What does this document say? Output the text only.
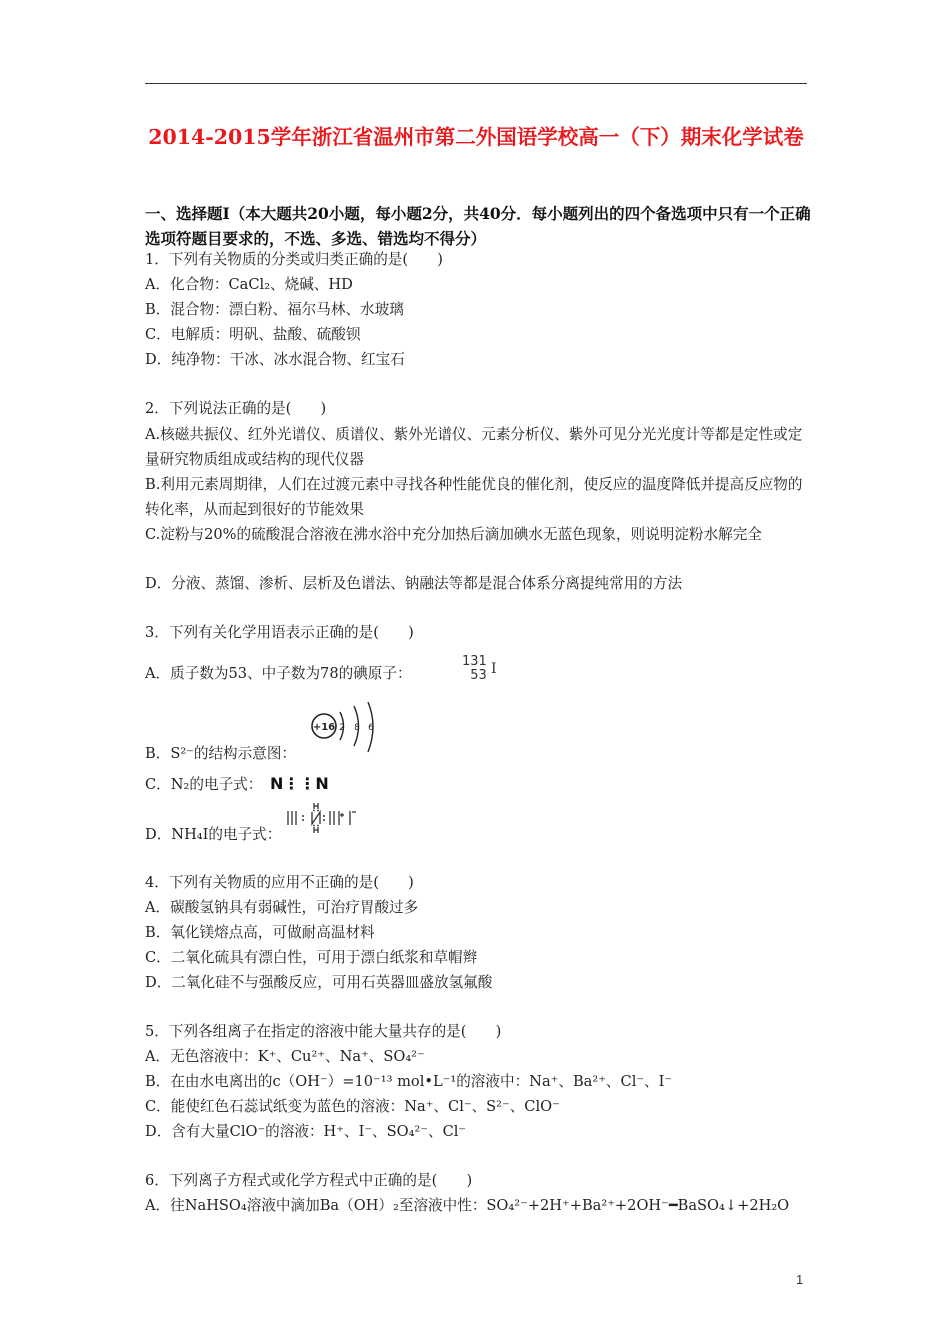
2014-2015学年浙江省温州市第二外国语学校高一（下）期末化学试卷
一、选择题Ⅰ（本大题共20小题，每小题2分，共40分．每小题列出的四个备选项中只有一个正确选项符题目要求的，不选、多选、错选均不得分）
1．下列有关物质的分类或归类正确的是(　　)
A．化合物：CaCl₂、烧碱、HD
B．混合物：漂白粉、福尔马林、水玻璃
C．电解质：明矾、盐酸、硫酸钡
D．纯净物：干冰、冰水混合物、红宝石
2．下列说法正确的是(　　)
A.核磁共振仪、红外光谱仪、质谱仪、紫外光谱仪、元素分析仪、紫外可见分光光度计等都是定性或定量研究物质组成或结构的现代仪器
B.利用元素周期律，人们在过渡元素中寻找各种性能优良的催化剂，使反应的温度降低并提高反应物的转化率，从而起到很好的节能效果
C.淀粉与20%的硫酸混合溶液在沸水浴中充分加热后滴加碘水无蓝色现象，则说明淀粉水解完全
D．分液、蒸馏、渗析、层析及色谱法、钠融法等都是混合体系分离提纯常用的方法
3．下列有关化学用语表示正确的是(　　)
A．质子数为53、中子数为78的碘原子：
131
53 I
+16 2 8 6
B．S²⁻的结构示意图：
C．N₂的电子式： N⋮⋮N
D．NH₄I的电子式：
4．下列有关物质的应用不正确的是(　　)
A．碳酸氢钠具有弱碱性，可治疗胃酸过多
B．氧化镁熔点高，可做耐高温材料
C．二氧化硫具有漂白性，可用于漂白纸浆和草帽辫
D．二氧化硅不与强酸反应，可用石英器皿盛放氢氟酸
5．下列各组离子在指定的溶液中能大量共存的是(　　)
A．无色溶液中：K⁺、Cu²⁺、Na⁺、SO₄²⁻
B．在由水电离出的c（OH⁻）=10⁻¹³ mol•L⁻¹的溶液中：Na⁺、Ba²⁺、Cl⁻、I⁻
C．能使红色石蕊试纸变为蓝色的溶液：Na⁺、Cl⁻、S²⁻、ClO⁻
D．含有大量ClO⁻的溶液：H⁺、I⁻、SO₄²⁻、Cl⁻
6．下列离子方程式或化学方程式中正确的是(　　)
A．往NaHSO₄溶液中滴加Ba（OH）₂至溶液中性：SO₄²⁻+2H⁺+Ba²⁺+2OH⁻━BaSO₄↓+2H₂O
1
